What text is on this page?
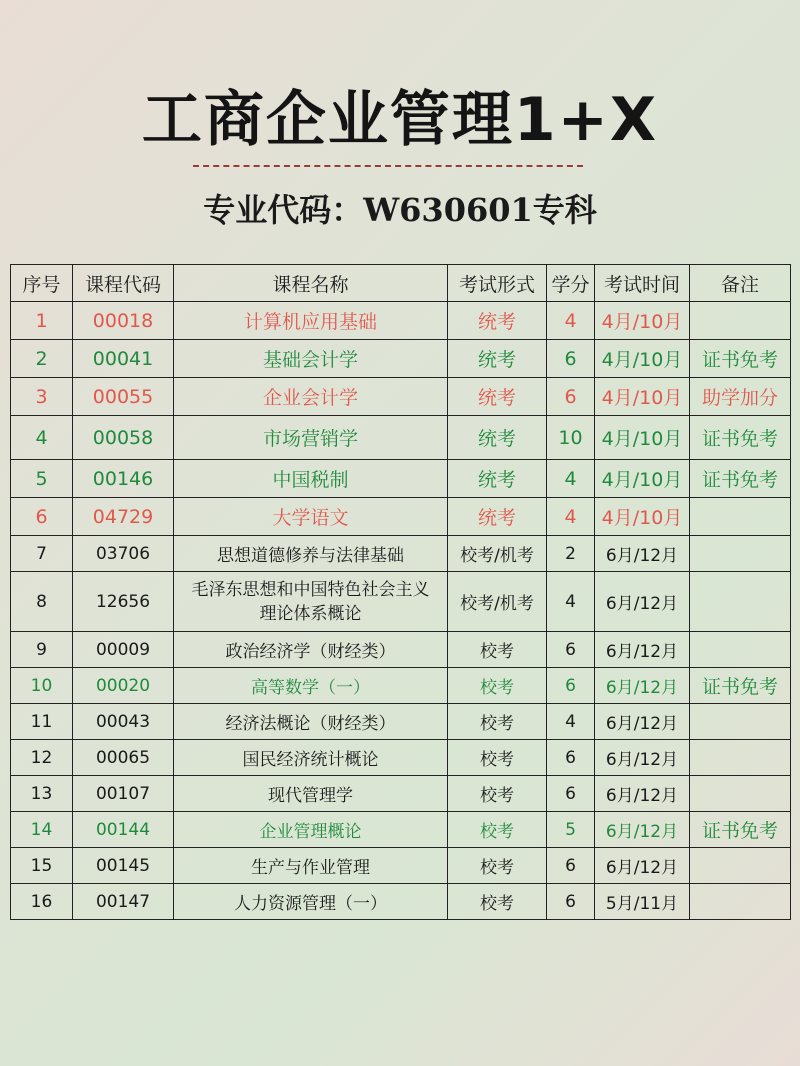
工商企业管理1+X
专业代码：W630601专科
序号	课程代码	课程名称	考试形式	学分	考试时间	备注
1	00018	计算机应用基础	统考	4	4月/10月	
2	00041	基础会计学	统考	6	4月/10月	证书免考
3	00055	企业会计学	统考	6	4月/10月	助学加分
4	00058	市场营销学	统考	10	4月/10月	证书免考
5	00146	中国税制	统考	4	4月/10月	证书免考
6	04729	大学语文	统考	4	4月/10月	
7	03706	思想道德修养与法律基础	校考/机考	2	6月/12月	
8	12656	毛泽东思想和中国特色社会主义
理论体系概论	校考/机考	4	6月/12月	
9	00009	政治经济学（财经类）	校考	6	6月/12月	
10	00020	高等数学（一）	校考	6	6月/12月	证书免考
11	00043	经济法概论（财经类）	校考	4	6月/12月	
12	00065	国民经济统计概论	校考	6	6月/12月	
13	00107	现代管理学	校考	6	6月/12月	
14	00144	企业管理概论	校考	5	6月/12月	证书免考
15	00145	生产与作业管理	校考	6	6月/12月	
16	00147	人力资源管理（一）	校考	6	5月/11月	
